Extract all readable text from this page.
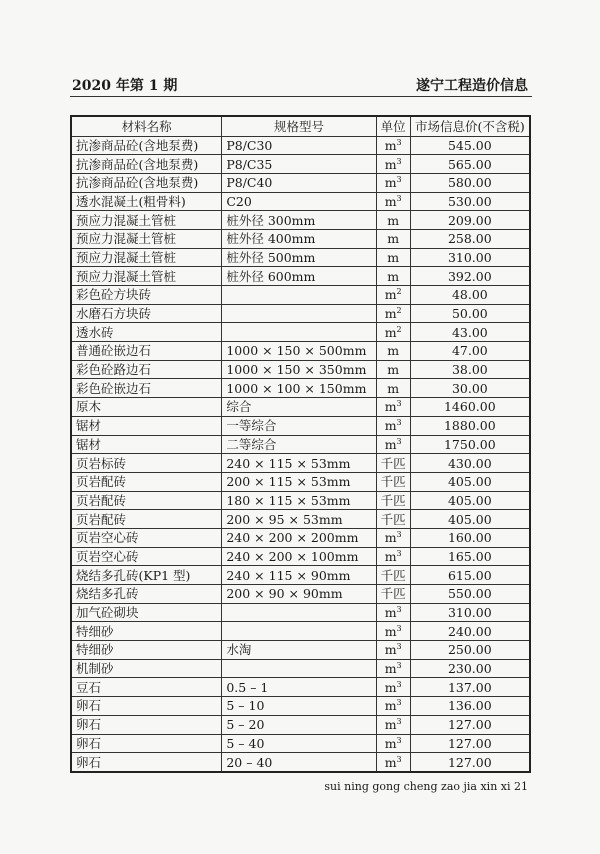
2020 年第 1 期	遂宁工程造价信息
材料名称	规格型号	单位	市场信息价(不含税)
抗渗商品砼(含地泵费)	P8/C30	$m^3$	545.00
抗渗商品砼(含地泵费)	P8/C35	$m^3$	565.00
抗渗商品砼(含地泵费)	P8/C40	$m^3$	580.00
透水混凝土(粗骨料)	C20	$m^3$	530.00
预应力混凝土管桩	桩外径 300mm	m	209.00
预应力混凝土管桩	桩外径 400mm	m	258.00
预应力混凝土管桩	桩外径 500mm	m	310.00
预应力混凝土管桩	桩外径 600mm	m	392.00
彩色砼方块砖		$m^2$	48.00
水磨石方块砖		$m^2$	50.00
透水砖		$m^2$	43.00
普通砼嵌边石	1000 × 150 × 500mm	m	47.00
彩色砼路边石	1000 × 150 × 350mm	m	38.00
彩色砼嵌边石	1000 × 100 × 150mm	m	30.00
原木	综合	$m^3$	1460.00
锯材	一等综合	$m^3$	1880.00
锯材	二等综合	$m^3$	1750.00
页岩标砖	240 × 115 × 53mm	千匹	430.00
页岩配砖	200 × 115 × 53mm	千匹	405.00
页岩配砖	180 × 115 × 53mm	千匹	405.00
页岩配砖	200 × 95 × 53mm	千匹	405.00
页岩空心砖	240 × 200 × 200mm	$m^3$	160.00
页岩空心砖	240 × 200 × 100mm	$m^3$	165.00
烧结多孔砖(KP1 型)	240 × 115 × 90mm	千匹	615.00
烧结多孔砖	200 × 90 × 90mm	千匹	550.00
加气砼砌块		$m^3$	310.00
特细砂		$m^3$	240.00
特细砂	水淘	$m^3$	250.00
机制砂		$m^3$	230.00
豆石	0.5 – 1	$m^3$	137.00
卵石	5 – 10	$m^3$	136.00
卵石	5 – 20	$m^3$	127.00
卵石	5 – 40	$m^3$	127.00
卵石	20 – 40	$m^3$	127.00
sui ning gong cheng zao jia xin xi 21
